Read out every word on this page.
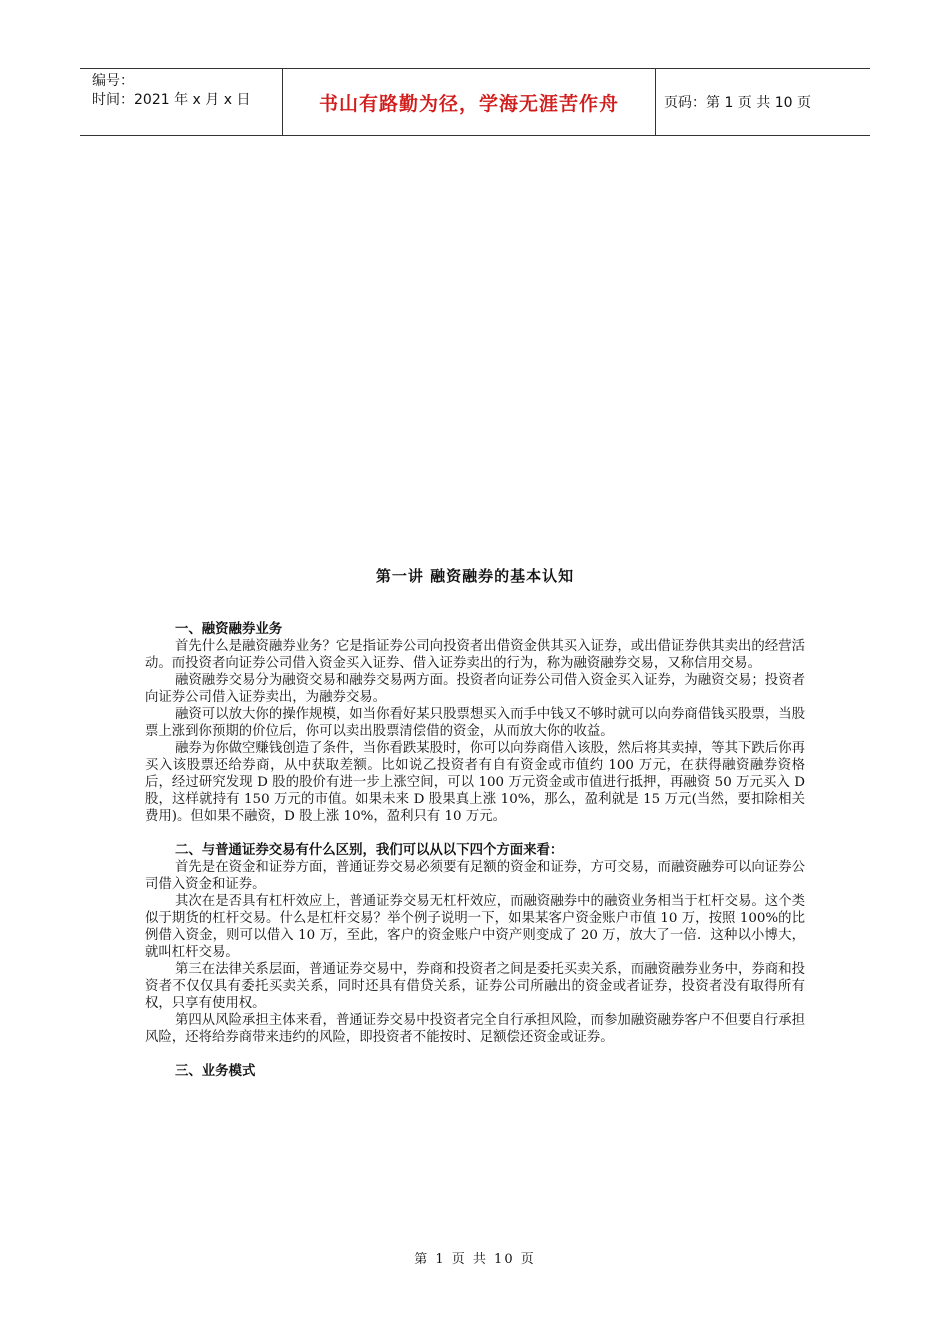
编号：
时间：2021 年 x 月 x 日	书山有路勤为径，学海无涯苦作舟	页码：第 1 页 共 10 页
第一讲 融资融券的基本认知
一、融资融券业务

首先什么是融资融券业务？它是指证券公司向投资者出借资金供其买入证券，或出借证券供其卖出的经营活动。而投资者向证券公司借入资金买入证券、借入证券卖出的行为，称为融资融券交易，又称信用交易。

融资融券交易分为融资交易和融券交易两方面。投资者向证券公司借入资金买入证券，为融资交易；投资者向证券公司借入证券卖出，为融券交易。

融资可以放大你的操作规模，如当你看好某只股票想买入而手中钱又不够时就可以向券商借钱买股票，当股票上涨到你预期的价位后，你可以卖出股票清偿借的资金，从而放大你的收益。

融券为你做空赚钱创造了条件，当你看跌某股时，你可以向券商借入该股，然后将其卖掉，等其下跌后你再买入该股票还给券商，从中获取差额。比如说乙投资者有自有资金或市值约 100 万元，在获得融资融券资格后，经过研究发现 D 股的股价有进一步上涨空间，可以 100 万元资金或市值进行抵押，再融资 50 万元买入 D 股，这样就持有 150 万元的市值。如果未来 D 股果真上涨 10%，那么，盈利就是 15 万元(当然，要扣除相关费用)。但如果不融资，D 股上涨 10%，盈利只有 10 万元。

二、与普通证券交易有什么区别，我们可以从以下四个方面来看：

首先是在资金和证券方面，普通证券交易必须要有足额的资金和证券，方可交易，而融资融券可以向证券公司借入资金和证券。

其次在是否具有杠杆效应上，普通证券交易无杠杆效应，而融资融券中的融资业务相当于杠杆交易。这个类似于期货的杠杆交易。什么是杠杆交易？举个例子说明一下，如果某客户资金账户市值 10 万，按照 100%的比例借入资金，则可以借入 10 万，至此，客户的资金账户中资产则变成了 20 万，放大了一倍．这种以小博大，就叫杠杆交易。

第三在法律关系层面，普通证券交易中，券商和投资者之间是委托买卖关系，而融资融券业务中，券商和投资者不仅仅具有委托买卖关系，同时还具有借贷关系，证券公司所融出的资金或者证券，投资者没有取得所有权，只享有使用权。

第四从风险承担主体来看，普通证券交易中投资者完全自行承担风险，而参加融资融券客户不但要自行承担风险，还将给券商带来违约的风险，即投资者不能按时、足额偿还资金或证券。

三、业务模式
第 1 页 共 10 页
